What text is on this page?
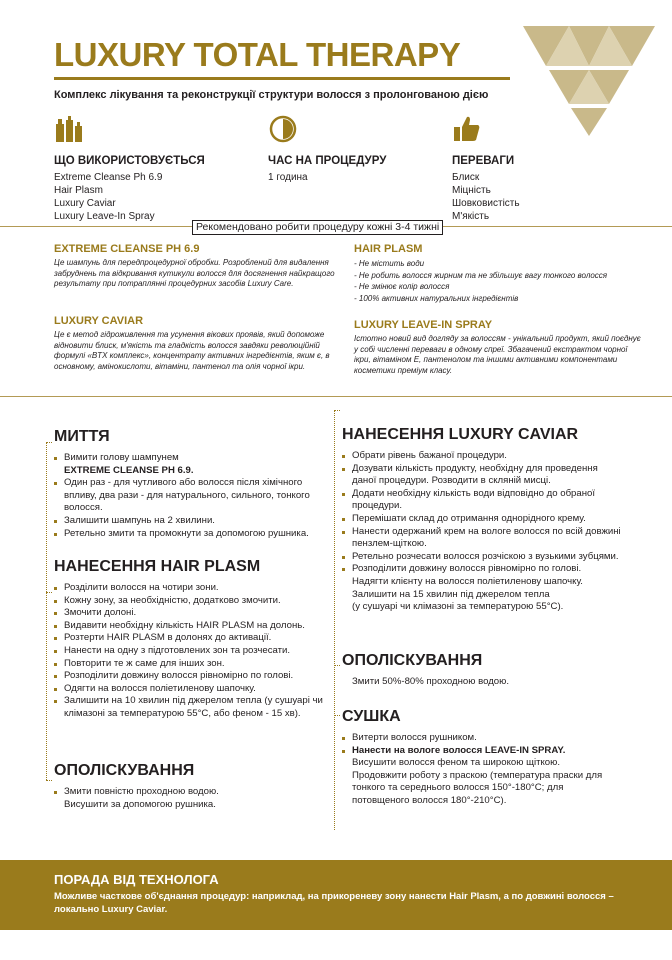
LUXURY TOTAL THERAPY
Комплекс лікування та реконструкції структури волосся з пролонгованою дією
ЩО ВИКОРИСТОВУЄТЬСЯ
Extreme Cleanse Ph 6.9
Hair Plasm
Luxury Caviar
Luxury Leave-In Spray
ЧАС НА ПРОЦЕДУРУ
1 година
ПЕРЕВАГИ
Блиск
Міцність
Шовковистість
М'якість
Рекомендовано робити процедуру кожні 3-4 тижні
EXTREME CLEANSE PH 6.9

Це шампунь для передпроцедурної обробки. Розроблений для видалення забруднень та відкривання кутикули волосся для досягнення найкращого результату при потраплянні процедурних засобів Luxury Care.

LUXURY CAVIAR

Це є метод гідроживлення та усунення вікових проявів, який допоможе відновити блиск, м'якість та гладкість волосся завдяки революційній формулі «BTX комплекс», концентрату активних інгредієнтів, яким є, в основному, амінокислоти, вітаміни, пантенол та олія чорної ікри.

HAIR PLASM
- Не містить води
- Не робить волосся жирним та не збільшує вагу тонкого волосся
- Не змінює колір волосся
- 100% активних натуральних інгредієнтів
LUXURY LEAVE-IN SPRAY

Істотно новий вид догляду за волоссям - унікальний продукт, який поєднує у собі численні переваги в одному спреї. Збагачений екстрактом чорної ікри, вітаміном Е, пантенолом та іншими активними компонентами косметики преміум класу.

МИТТЯ
Вимити голову шампунем
EXTREME CLEANSE PH 6.9.
Один раз - для чутливого або волосся після хімічного впливу, два рази - для натурального, сильного, тонкого волосся.
Залишити шампунь на 2 хвилини.
Ретельно змити та промокнути за допомогою рушника.
НАНЕСЕННЯ HAIR PLASM
Розділити волосся на чотири зони.
Кожну зону, за необхідністю, додатково змочити.
Змочити долоні.
Видавити необхідну кількість HAIR PLASM на долонь.
Розтерти HAIR PLASM в долонях до активації.
Нанести на одну з підготовлених зон та розчесати.
Повторити те ж саме для інших зон.
Розподілити довжину волосся рівномірно по голові.
Одягти на волосся поліетиленову шапочку.
Залишити на 10 хвилин під джерелом тепла (у сушуарі чи клімазоні за температурою 55°С, або феном - 15 хв).
ОПОЛІСКУВАННЯ
Змити повністю проходною водою.
Висушити за допомогою рушника.
НАНЕСЕННЯ LUXURY CAVIAR
Обрати рівень бажаної процедури.
Дозувати кількість продукту, необхідну для проведення даної процедури. Розводити в скляній мисці.
Додати необхідну кількість води відповідно до обраної процедури.
Перемішати склад до отримання однорідного крему.
Нанести одержаний крем на вологе волосся по всій довжині пензлем-щіткою.
Ретельно розчесати волосся розчіскою з вузькими зубцями.
Розподілити довжину волосся рівномірно по голові.
Надягти клієнту на волосся поліетиленову шапочку.
Залишити на 15 хвилин під джерелом тепла
(у сушуарі чи клімазоні за температурою 55°С).
ОПОЛІСКУВАННЯ
Змити 50%-80% проходною водою.
СУШКА
Витерти волосся рушником.
Нанести на вологе волосся LEAVE-IN SPRAY.
Висушити волосся феном та широкою щіткою.
Продовжити роботу з праскою (температура праски для тонкого та середнього волосся 150°-180°С; для потовщеного волосся 180°-210°С).
ПОРАДА ВІД ТЕХНОЛОГА

Можливе часткове об'єднання процедур: наприклад, на прикореневу зону нанести Hair Plasm, а по довжині волосся – локально Luxury Caviar.
